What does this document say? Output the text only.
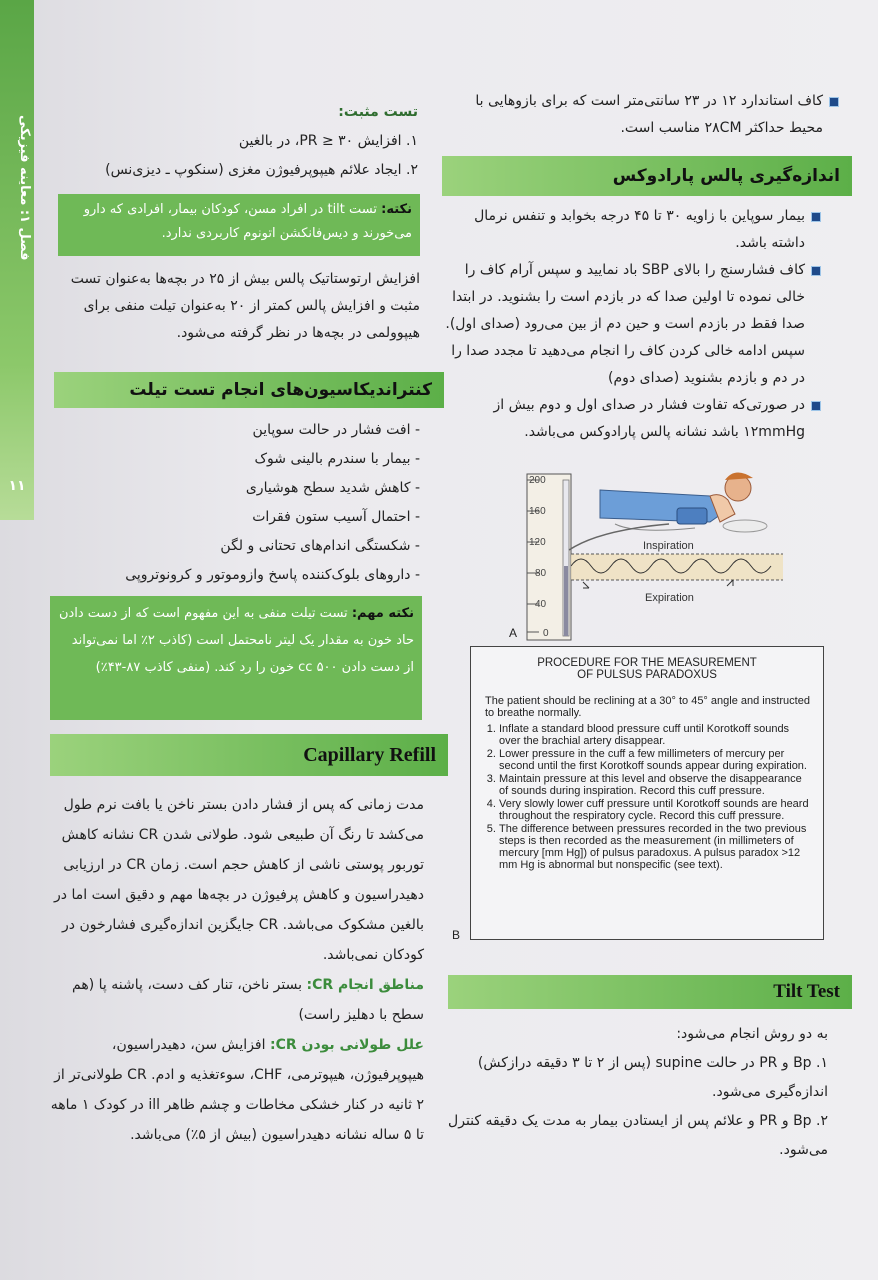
فصل ۱: معاینه فیزیکی
۱۱
کاف استاندارد ۱۲ در ۲۳ سانتی‌متر است که برای بازوهایی با محیط حداکثر ۲۸CM مناسب است.
اندازه‌گیری پالس پارادوکس
بیمار سوپاین با زاویه ۳۰ تا ۴۵ درجه بخوابد و تنفس نرمال داشته باشد.
کاف فشارسنج را بالای SBP باد نمایید و سپس آرام کاف را خالی نموده تا اولین صدا که در بازدم است را بشنوید. در ابتدا صدا فقط در بازدم است و حین دم از بین می‌رود (صدای اول). سپس ادامه خالی کردن کاف را انجام می‌دهید تا مجدد صدا را در دم و بازدم بشنوید (صدای دوم)
در صورتی‌که تفاوت فشار در صدای اول و دوم بیش از ۱۲mmHg باشد نشانه پالس پارادوکس می‌باشد.
200
160
120
80
40
0
Inspiration
Expiration
A
PROCEDURE FOR THE MEASUREMENT
OF PULSUS PARADOXUS
The patient should be reclining at a 30° to 45° angle and instructed to breathe normally.
1. Inflate a standard blood pressure cuff until Korotkoff sounds over the brachial artery disappear.
2. Lower pressure in the cuff a few millimeters of mercury per second until the first Korotkoff sounds appear during expiration.
3. Maintain pressure at this level and observe the disappearance of sounds during inspiration. Record this cuff pressure.
4. Very slowly lower cuff pressure until Korotkoff sounds are heard throughout the respiratory cycle. Record this cuff pressure.
5. The difference between pressures recorded in the two previous steps is then recorded as the measurement (in millimeters of mercury [mm Hg]) of pulsus paradoxus. A pulsus paradox >12 mm Hg is abnormal but nonspecific (see text).
B
Tilt Test
به دو روش انجام می‌شود:
۱. Bp و PR در حالت supine (پس از ۲ تا ۳ دقیقه درازکش) اندازه‌گیری می‌شود.
۲. Bp و PR و علائم پس از ایستادن بیمار به مدت یک دقیقه کنترل می‌شود.
تست مثبت:
۱. افزایش PR ≥ ۳۰، در بالغین
۲. ایجاد علائم هیپوپرفیوژن مغزی (سنکوپ ـ دیزی‌نس)
نکته: تست tilt در افراد مسن، کودکان بیمار، افرادی که دارو می‌خورند و دیس‌فانکشن اتونوم کاربردی ندارد.
افزایش ارتوستاتیک پالس بیش از ۲۵ در بچه‌ها به‌عنوان تست مثبت و افزایش پالس کمتر از ۲۰ به‌عنوان تیلت منفی برای هیپوولمی در بچه‌ها در نظر گرفته می‌شود.
کنتراندیکاسیون‌های انجام تست تیلت
- افت فشار در حالت سوپاین
- بیمار با سندرم بالینی شوک
- کاهش شدید سطح هوشیاری
- احتمال آسیب ستون فقرات
- شکستگی اندام‌های تحتانی و لگن
- داروهای بلوک‌کننده پاسخ وازوموتور و کرونوتروپی
نکته مهم: تست تیلت منفی به این مفهوم است که از دست دادن حاد خون به مقدار یک لیتر نامحتمل است (کاذب ۲٪ اما نمی‌تواند از دست دادن ۵۰۰ cc خون را رد کند. (منفی کاذب ۸۷-۴۳٪)
Capillary Refill
مدت زمانی که پس از فشار دادن بستر ناخن یا بافت نرم طول می‌کشد تا رنگ آن طبیعی شود. طولانی شدن CR نشانه کاهش توربور پوستی ناشی از کاهش حجم است. زمان CR در ارزیابی دهیدراسیون و کاهش پرفیوژن در بچه‌ها مهم و دقیق است اما در بالغین مشکوک می‌باشد. CR جایگزین اندازه‌گیری فشارخون در کودکان نمی‌باشد.
مناطق انجام CR: بستر ناخن، تنار کف دست، پاشنه پا (هم سطح با دهلیز راست)
علل طولانی بودن CR: افزایش سن، دهیدراسیون، هیپوپرفیوژن، هیپوترمی، CHF، سوءتغذیه و ادم. CR طولانی‌تر از ۲ ثانیه در کنار خشکی مخاطات و چشم ظاهر ill در کودک ۱ ماهه تا ۵ ساله نشانه دهیدراسیون (بیش از ۵٪) می‌باشد.
